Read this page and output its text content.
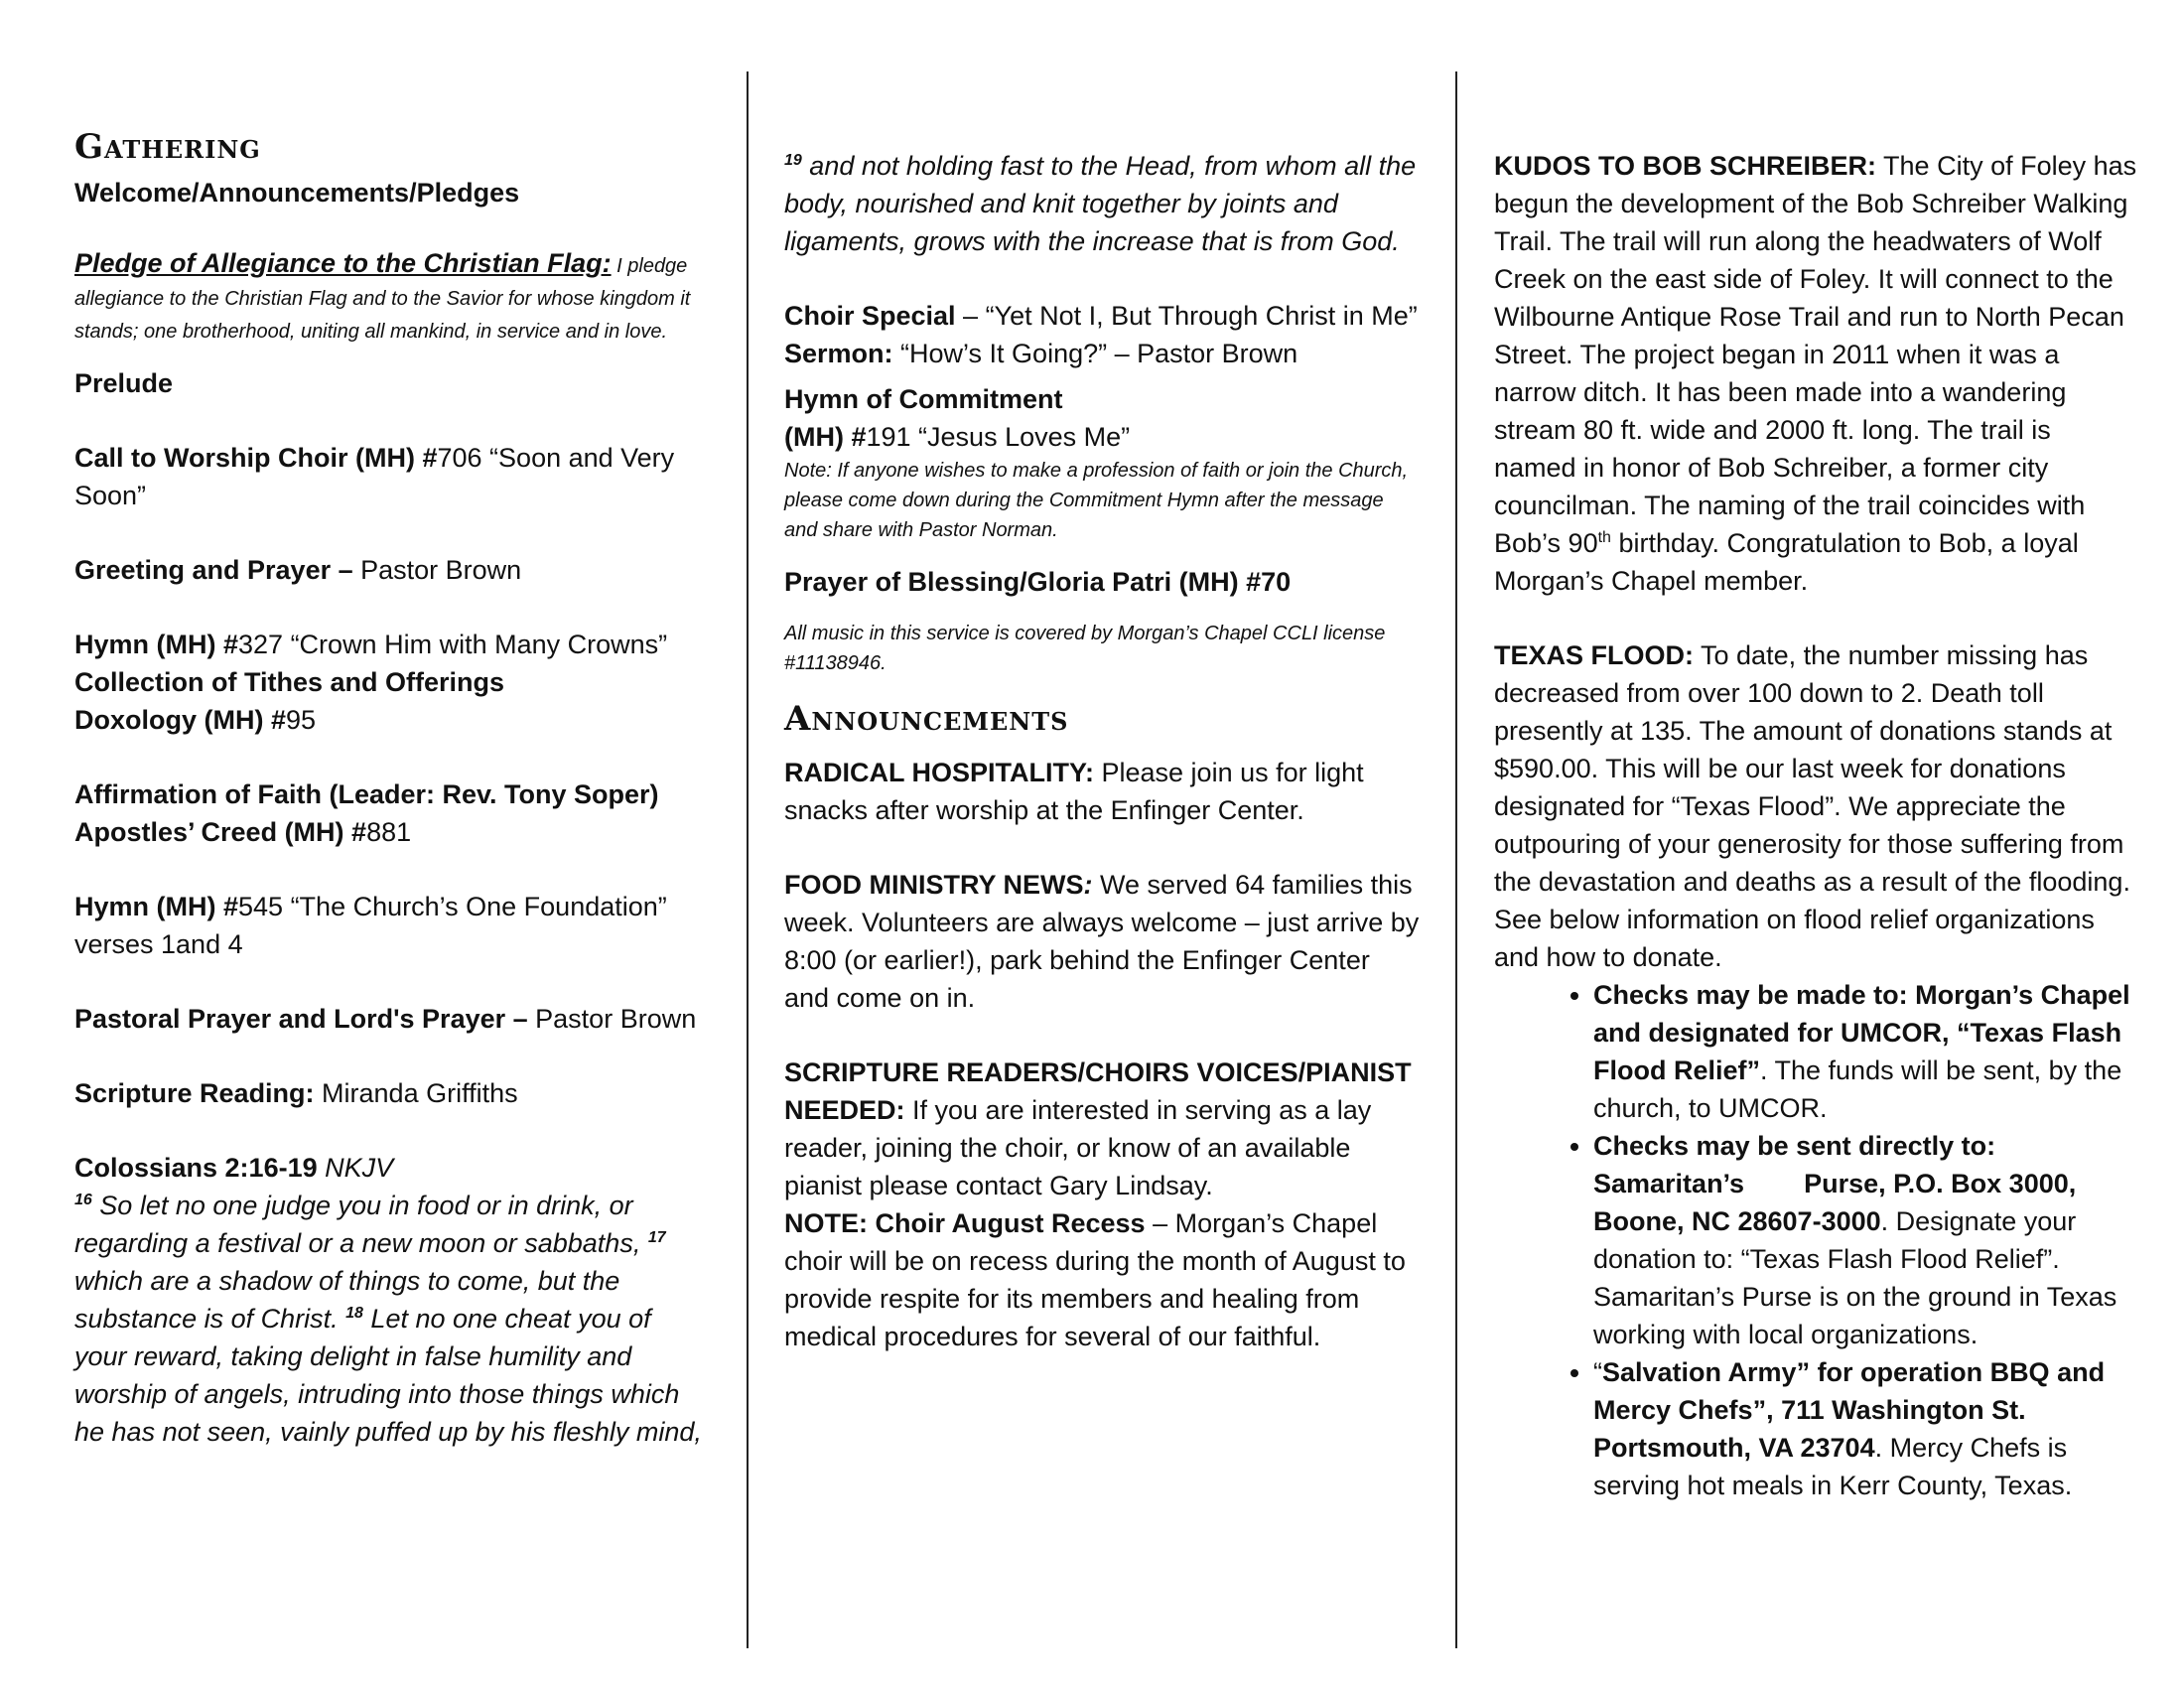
Gathering

Welcome/Announcements/Pledges

Pledge of Allegiance to the Christian Flag: I pledge allegiance to the Christian Flag and to the Savior for whose kingdom it stands; one brotherhood, uniting all mankind, in service and in love.

Prelude

Call to Worship Choir (MH) #706 “Soon and Very Soon”

Greeting and Prayer – Pastor Brown

Hymn (MH) #327 “Crown Him with Many Crowns”

Collection of Tithes and Offerings

Doxology (MH) #95

Affirmation of Faith (Leader: Rev. Tony Soper)

Apostles’ Creed (MH) #881

Hymn (MH) #545 “The Church’s One Foundation” verses 1and 4

Pastoral Prayer and Lord's Prayer – Pastor Brown

Scripture Reading: Miranda Griffiths

Colossians 2:16-19 NKJV

$^{16}$ So let no one judge you in food or in drink, or regarding a festival or a new moon or sabbaths, $^{17}$ which are a shadow of things to come, but the substance is of Christ. $^{18}$ Let no one cheat you of your reward, taking delight in false humility and worship of angels, intruding into those things which he has not seen, vainly puffed up by his fleshly mind,

$^{19}$ and not holding fast to the Head, from whom all the body, nourished and knit together by joints and ligaments, grows with the increase that is from God.

Choir Special – “Yet Not I, But Through Christ in Me”

Sermon: “How’s It Going?” – Pastor Brown

Hymn of Commitment

(MH) #191 “Jesus Loves Me”

Note: If anyone wishes to make a profession of faith or join the Church, please come down during the Commitment Hymn after the message and share with Pastor Norman.

Prayer of Blessing/Gloria Patri (MH) #70

All music in this service is covered by Morgan’s Chapel CCLI license #11138946.

Announcements

RADICAL HOSPITALITY: Please join us for light snacks after worship at the Enfinger Center.

FOOD MINISTRY NEWS: We served 64 families this week. Volunteers are always welcome – just arrive by 8:00 (or earlier!), park behind the Enfinger Center and come on in.

SCRIPTURE READERS/CHOIRS VOICES/PIANIST NEEDED: If you are interested in serving as a lay reader, joining the choir, or know of an available pianist please contact Gary Lindsay.

NOTE: Choir August Recess – Morgan’s Chapel choir will be on recess during the month of August to provide respite for its members and healing from medical procedures for several of our faithful.

KUDOS TO BOB SCHREIBER: The City of Foley has begun the development of the Bob Schreiber Walking Trail. The trail will run along the headwaters of Wolf Creek on the east side of Foley. It will connect to the Wilbourne Antique Rose Trail and run to North Pecan Street. The project began in 2011 when it was a narrow ditch. It has been made into a wandering stream 80 ft. wide and 2000 ft. long. The trail is named in honor of Bob Schreiber, a former city councilman. The naming of the trail coincides with Bob’s 90th birthday. Congratulation to Bob, a loyal Morgan’s Chapel member.

TEXAS FLOOD: To date, the number missing has decreased from over 100 down to 2. Death toll presently at 135. The amount of donations stands at $590.00. This will be our last week for donations designated for “Texas Flood”. We appreciate the outpouring of your generosity for those suffering from the devastation and deaths as a result of the flooding. See below information on flood relief organizations and how to donate.

• Checks may be made to: Morgan’s Chapel and designated for UMCOR, “Texas Flash Flood Relief”. The funds will be sent, by the church, to UMCOR.
• Checks may be sent directly to: Samaritan’s        Purse, P.O. Box 3000, Boone, NC 28607-3000. Designate your donation to: “Texas Flash Flood Relief”. Samaritan’s Purse is on the ground in Texas working with local organizations.
• “Salvation Army” for operation BBQ and Mercy Chefs”, 711 Washington St. Portsmouth, VA 23704. Mercy Chefs is serving hot meals in Kerr County, Texas.
